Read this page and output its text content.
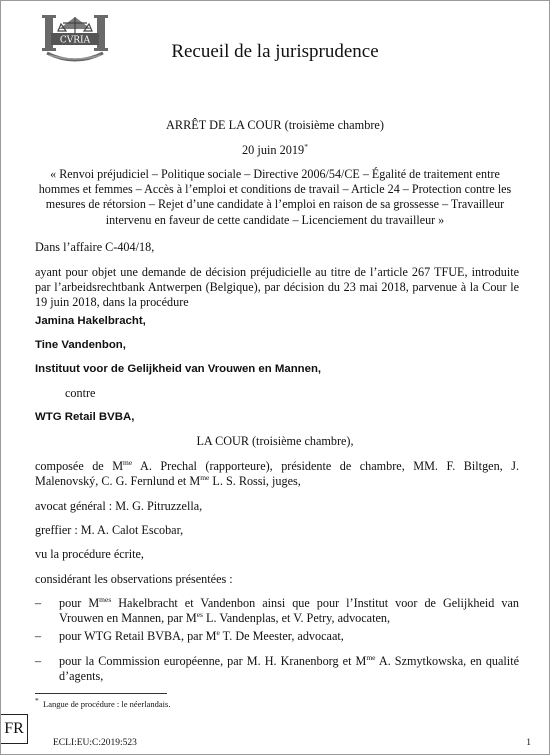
CVRIA
Recueil de la jurisprudence
ARRÊT DE LA COUR (troisième chambre)
20 juin 2019*
« Renvoi préjudiciel – Politique sociale – Directive 2006/54/CE – Égalité de traitement entre hommes et femmes – Accès à l’emploi et conditions de travail – Article 24 – Protection contre les mesures de rétorsion – Rejet d’une candidate à l’emploi en raison de sa grossesse – Travailleur intervenu en faveur de cette candidate – Licenciement du travailleur »

Dans l’affaire C-404/18,

ayant pour objet une demande de décision préjudicielle au titre de l’article 267 TFUE, introduite par l’arbeidsrechtbank Antwerpen (Belgique), par décision du 23 mai 2018, parvenue à la Cour le 19 juin 2018, dans la procédure

Jamina Hakelbracht,

Tine Vandenbon,

Instituut voor de Gelijkheid van Vrouwen en Mannen,

contre

WTG Retail BVBA,

LA COUR (troisième chambre),

composée de $M^{me}$ A. Prechal (rapporteure), présidente de chambre, MM. F. Biltgen, J. Malenovský, C. G. Fernlund et $M^{me}$ L. S. Rossi, juges,

avocat général : M. G. Pitruzzella,

greffier : M. A. Calot Escobar,

vu la procédure écrite,

considérant les observations présentées :

– pour $M^{mes}$ Hakelbracht et Vandenbon ainsi que pour l’Institut voor de Gelijkheid van Vrouwen en Mannen, par $M^{es}$ L. Vandenplas, et V. Petry, advocaten,
– pour WTG Retail BVBA, par Me T. De Meester, advocaat,
– pour la Commission européenne, par M. H. Kranenborg et $M^{me}$ A. Szmytkowska, en qualité d’agents,
* Langue de procédure : le néerlandais.
FR
ECLI:EU:C:2019:523	1
